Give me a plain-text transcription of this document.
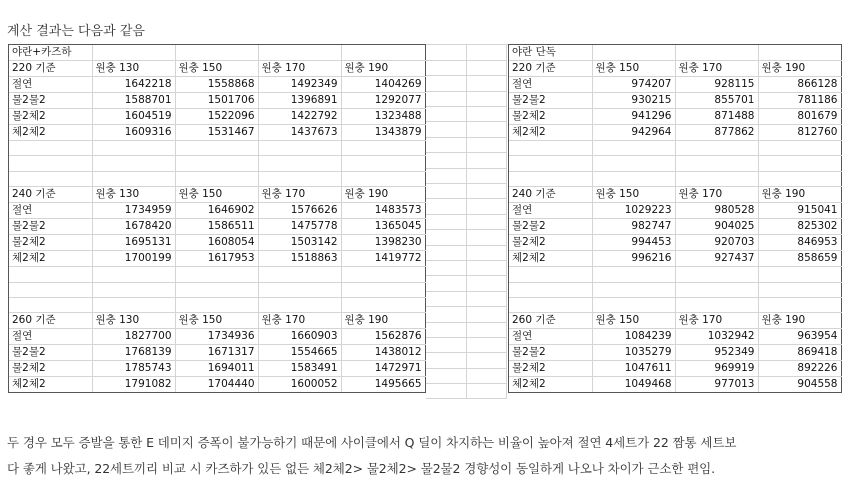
계산 결과는 다음과 같음
야란+카즈하				
220 기준	원충 130	원충 150	원충 170	원충 190
절연	1642218	1558868	1492349	1404269
물2물2	1588701	1501706	1396891	1292077
물2체2	1604519	1522096	1422792	1323488
체2체2	1609316	1531467	1437673	1343879

240 기준	원충 130	원충 150	원충 170	원충 190
절연	1734959	1646902	1576626	1483573
물2물2	1678420	1586511	1475778	1365045
물2체2	1695131	1608054	1503142	1398230
체2체2	1700199	1617953	1518863	1419772

260 기준	원충 130	원충 150	원충 170	원충 190
절연	1827700	1734936	1660903	1562876
물2물2	1768139	1671317	1554665	1438012
물2체2	1785743	1694011	1583491	1472971
체2체2	1791082	1704440	1600052	1495665

야란 단독			
220 기준	원충 150	원충 170	원충 190
절연	974207	928115	866128
물2물2	930215	855701	781186
물2체2	941296	871488	801679
체2체2	942964	877862	812760

240 기준	원충 150	원충 170	원충 190
절연	1029223	980528	915041
물2물2	982747	904025	825302
물2체2	994453	920703	846953
체2체2	996216	927437	858659

260 기준	원충 150	원충 170	원충 190
절연	1084239	1032942	963954
물2물2	1035279	952349	869418
물2체2	1047611	969919	892226
체2체2	1049468	977013	904558
두 경우 모두 증발을 통한 E 데미지 증폭이 불가능하기 때문에 사이클에서 Q 딜이 차지하는 비율이 높아져 절연 4세트가 22 짬통 세트보
다 좋게 나왔고, 22세트끼리 비교 시 카즈하가 있든 없든 체2체2> 물2체2> 물2물2 경향성이 동일하게 나오나 차이가 근소한 편임.
